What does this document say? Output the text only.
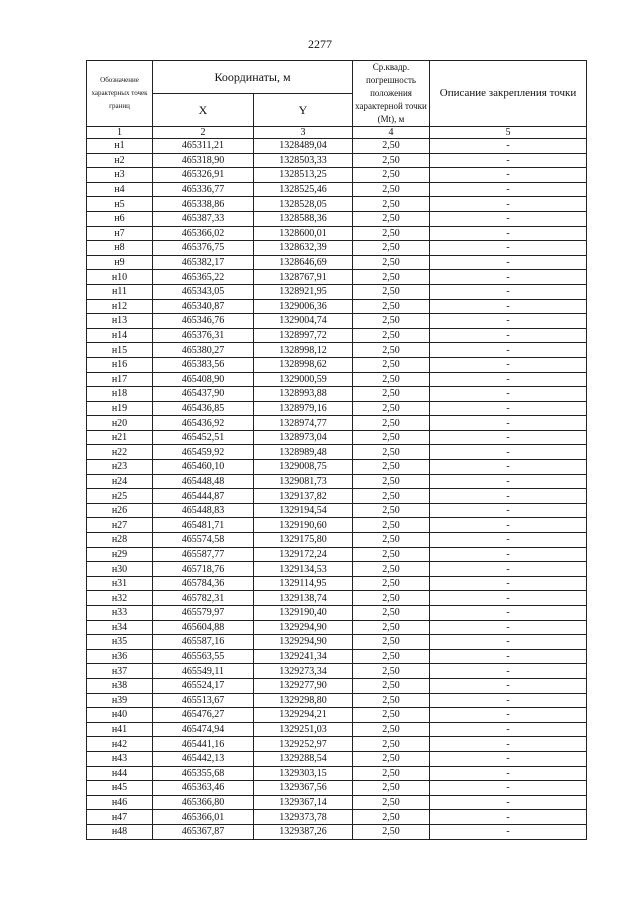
2277
Обозначение характерных точек границ	Координаты, м		Ср.квадр. погрешность положения характерной точки (Mt), м	Описание закрепления точки
	X	Y		
1	2	3	4	5
н1	465311,21	1328489,04	2,50	-
н2	465318,90	1328503,33	2,50	-
н3	465326,91	1328513,25	2,50	-
н4	465336,77	1328525,46	2,50	-
н5	465338,86	1328528,05	2,50	-
н6	465387,33	1328588,36	2,50	-
н7	465366,02	1328600,01	2,50	-
н8	465376,75	1328632,39	2,50	-
н9	465382,17	1328646,69	2,50	-
н10	465365,22	1328767,91	2,50	-
н11	465343,05	1328921,95	2,50	-
н12	465340,87	1329006,36	2,50	-
н13	465346,76	1329004,74	2,50	-
н14	465376,31	1328997,72	2,50	-
н15	465380,27	1328998,12	2,50	-
н16	465383,56	1328998,62	2,50	-
н17	465408,90	1329000,59	2,50	-
н18	465437,90	1328993,88	2,50	-
н19	465436,85	1328979,16	2,50	-
н20	465436,92	1328974,77	2,50	-
н21	465452,51	1328973,04	2,50	-
н22	465459,92	1328989,48	2,50	-
н23	465460,10	1329008,75	2,50	-
н24	465448,48	1329081,73	2,50	-
н25	465444,87	1329137,82	2,50	-
н26	465448,83	1329194,54	2,50	-
н27	465481,71	1329190,60	2,50	-
н28	465574,58	1329175,80	2,50	-
н29	465587,77	1329172,24	2,50	-
н30	465718,76	1329134,53	2,50	-
н31	465784,36	1329114,95	2,50	-
н32	465782,31	1329138,74	2,50	-
н33	465579,97	1329190,40	2,50	-
н34	465604,88	1329294,90	2,50	-
н35	465587,16	1329294,90	2,50	-
н36	465563,55	1329241,34	2,50	-
н37	465549,11	1329273,34	2,50	-
н38	465524,17	1329277,90	2,50	-
н39	465513,67	1329298,80	2,50	-
н40	465476,27	1329294,21	2,50	-
н41	465474,94	1329251,03	2,50	-
н42	465441,16	1329252,97	2,50	-
н43	465442,13	1329288,54	2,50	-
н44	465355,68	1329303,15	2,50	-
н45	465363,46	1329367,56	2,50	-
н46	465366,80	1329367,14	2,50	-
н47	465366,01	1329373,78	2,50	-
н48	465367,87	1329387,26	2,50	-
